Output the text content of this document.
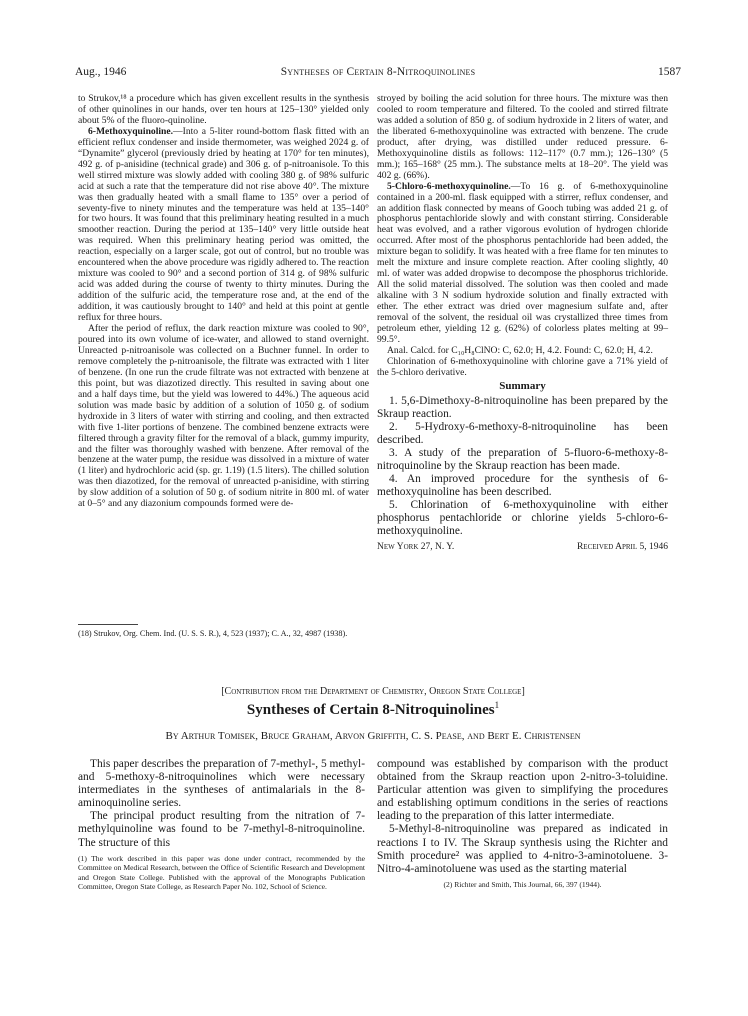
Aug., 1946	Syntheses of Certain 8-Nitroquinolines	1587

to Strukov,¹⁸ a procedure which has given excellent results in the synthesis of other quinolines in our hands, over ten hours at 125–130° yielded only about 5% of the fluoro-quinoline.

6-Methoxyquinoline.—Into a 5-liter round-bottom flask fitted with an efficient reflux condenser and inside thermometer, was weighed 2024 g. of “Dynamite” glycerol (previously dried by heating at 170° for ten minutes), 492 g. of p-anisidine (technical grade) and 306 g. of p-nitroanisole. To this well stirred mixture was slowly added with cooling 380 g. of 98% sulfuric acid at such a rate that the temperature did not rise above 40°. The mixture was then gradually heated with a small flame to 135° over a period of seventy-five to ninety minutes and the temperature was held at 135–140° for two hours. It was found that this preliminary heating resulted in a much smoother reaction. During the period at 135–140° very little outside heat was required. When this preliminary heating period was omitted, the reaction, especially on a larger scale, got out of control, but no trouble was encountered when the above procedure was rigidly adhered to. The reaction mixture was cooled to 90° and a second portion of 314 g. of 98% sulfuric acid was added during the course of twenty to thirty minutes. During the addition of the sulfuric acid, the temperature rose and, at the end of the addition, it was cautiously brought to 140° and held at this point at gentle reflux for three hours.

After the period of reflux, the dark reaction mixture was cooled to 90°, poured into its own volume of ice-water, and allowed to stand overnight. Unreacted p-nitroanisole was collected on a Buchner funnel. In order to remove completely the p-nitroanisole, the filtrate was extracted with 1 liter of benzene. (In one run the crude filtrate was not extracted with benzene at this point, but was diazotized directly. This resulted in saving about one and a half days time, but the yield was lowered to 44%.) The aqueous acid solution was made basic by addition of a solution of 1050 g. of sodium hydroxide in 3 liters of water with stirring and cooling, and then extracted with five 1-liter portions of benzene. The combined benzene extracts were filtered through a gravity filter for the removal of a black, gummy impurity, and the filter was thoroughly washed with benzene. After removal of the benzene at the water pump, the residue was dissolved in a mixture of water (1 liter) and hydrochloric acid (sp. gr. 1.19) (1.5 liters). The chilled solution was then diazotized, for the removal of unreacted p-anisidine, with stirring by slow addition of a solution of 50 g. of sodium nitrite in 800 ml. of water at 0–5° and any diazonium compounds formed were de-

(18) Strukov, Org. Chem. Ind. (U. S. S. R.), 4, 523 (1937); C. A., 32, 4987 (1938).

stroyed by boiling the acid solution for three hours. The mixture was then cooled to room temperature and filtered. To the cooled and stirred filtrate was added a solution of 850 g. of sodium hydroxide in 2 liters of water, and the liberated 6-methoxyquinoline was extracted with benzene. The crude product, after drying, was distilled under reduced pressure. 6-Methoxyquinoline distils as follows: 112–117° (0.7 mm.); 126–130° (5 mm.); 165–168° (25 mm.). The substance melts at 18–20°. The yield was 402 g. (66%).

5-Chloro-6-methoxyquinoline.—To 16 g. of 6-methoxyquinoline contained in a 200-ml. flask equipped with a stirrer, reflux condenser, and an addition flask connected by means of Gooch tubing was added 21 g. of phosphorus pentachloride slowly and with constant stirring. Considerable heat was evolved, and a rather vigorous evolution of hydrogen chloride occurred. After most of the phosphorus pentachloride had been added, the mixture began to solidify. It was heated with a free flame for ten minutes to melt the mixture and insure complete reaction. After cooling slightly, 40 ml. of water was added dropwise to decompose the phosphorus trichloride. All the solid material dissolved. The solution was then cooled and made alkaline with 3 N sodium hydroxide solution and finally extracted with ether. The ether extract was dried over magnesium sulfate and, after removal of the solvent, the residual oil was crystallized three times from petroleum ether, yielding 12 g. (62%) of colorless plates melting at 99–99.5°.

Anal. Calcd. for C₁₀H₈ClNO: C, 62.0; H, 4.2. Found: C, 62.0; H, 4.2.

Chlorination of 6-methoxyquinoline with chlorine gave a 71% yield of the 5-chloro derivative.

Summary

1. 5,6-Dimethoxy-8-nitroquinoline has been prepared by the Skraup reaction.

2. 5-Hydroxy-6-methoxy-8-nitroquinoline has been described.

3. A study of the preparation of 5-fluoro-6-methoxy-8-nitroquinoline by the Skraup reaction has been made.

4. An improved procedure for the synthesis of 6-methoxyquinoline has been described.

5. Chlorination of 6-methoxyquinoline with either phosphorus pentachloride or chlorine yields 5-chloro-6-methoxyquinoline.

New York 27, N. Y.	Received April 5, 1946
[Contribution from the Department of Chemistry, Oregon State College]
Syntheses of Certain 8-Nitroquinolines$^1$
By Arthur Tomisek, Bruce Graham, Arvon Griffith, C. S. Pease, and Bert E. Christensen

This paper describes the preparation of 7-methyl-, 5 methyl- and 5-methoxy-8-nitroquinolines which were necessary intermediates in the syntheses of antimalarials in the 8-aminoquinoline series.

The principal product resulting from the nitration of 7-methylquinoline was found to be 7-methyl-8-nitroquinoline. The structure of this

(1) The work described in this paper was done under contract, recommended by the Committee on Medical Research, between the Office of Scientific Research and Development and Oregon State College. Published with the approval of the Monographs Publication Committee, Oregon State College, as Research Paper No. 102, School of Science.

compound was established by comparison with the product obtained from the Skraup reaction upon 2-nitro-3-toluidine. Particular attention was given to simplifying the procedures and establishing optimum conditions in the series of reactions leading to the preparation of this latter intermediate.

5-Methyl-8-nitroquinoline was prepared as indicated in reactions I to IV. The Skraup synthesis using the Richter and Smith procedure² was applied to 4-nitro-3-aminotoluene. 3-Nitro-4-aminotoluene was used as the starting material

(2) Richter and Smith, This Journal, 66, 397 (1944).
